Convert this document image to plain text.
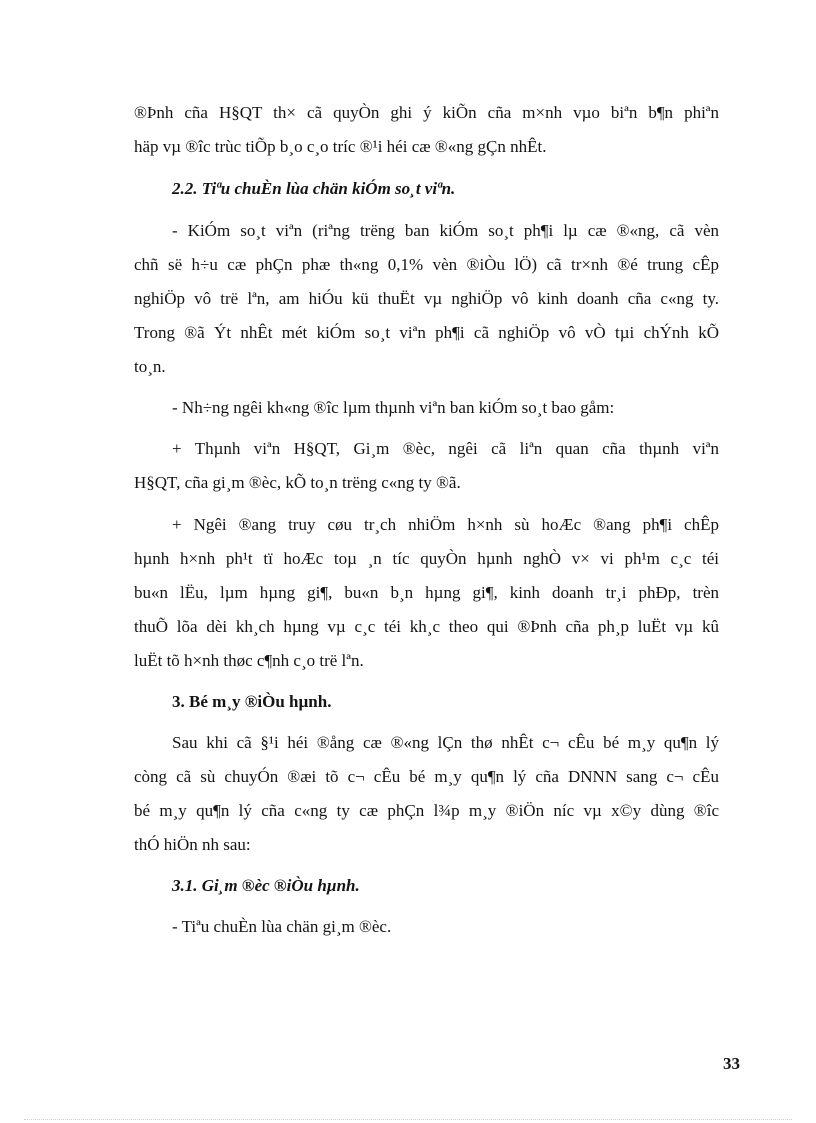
®Þnh cña H§QT th× cã quyÒn ghi ý kiÕn cña m×nh vµo biªn b¶n phiªn
häp vµ ®îc trùc tiÕp b¸o c¸o tríc ®¹i héi cæ ®«ng gÇn nhÊt.
2.2. Tiªu chuÈn lùa chän kiÓm so¸t viªn.
- KiÓm so¸t viªn (riªng trëng ban kiÓm so¸t ph¶i lµ cæ ®«ng, cã vèn
chñ së h÷u cæ phÇn phæ th«ng 0,1% vèn ®iÒu lÖ) cã tr×nh ®é trung cÊp
nghiÖp vô trë lªn, am hiÓu kü thuËt vµ nghiÖp vô kinh doanh cña c«ng ty.
Trong ®ã Ýt nhÊt mét kiÓm so¸t viªn ph¶i cã nghiÖp vô vÒ tµi chÝnh kÕ
to¸n.
- Nh÷ng ngêi kh«ng ®îc lµm thµnh viªn ban kiÓm so¸t bao gåm:
+ Thµnh viªn H§QT, Gi¸m ®èc, ngêi cã liªn quan cña thµnh viªn
H§QT, cña gi¸m ®èc, kÕ to¸n trëng c«ng ty ®ã.
+ Ngêi ®ang truy cøu tr¸ch nhiÖm h×nh sù hoÆc ®ang ph¶i chÊp
hµnh h×nh ph¹t tï hoÆc toµ ¸n tíc quyÒn hµnh nghÒ v× vi ph¹m c¸c téi
bu«n lËu, lµm hµng gi¶, bu«n b¸n hµng gi¶, kinh doanh tr¸i phÐp, trèn
thuÕ lõa dèi kh¸ch hµng vµ c¸c téi kh¸c theo qui ®Þnh cña ph¸p luËt vµ kû
luËt tõ h×nh thøc c¶nh c¸o trë lªn.
3. Bé m¸y ®iÒu hµnh.
Sau khi cã §¹i héi ®ång cæ ®«ng lÇn thø nhÊt c¬ cÊu bé m¸y qu¶n lý
còng cã sù chuyÓn ®æi tõ c¬ cÊu bé m¸y qu¶n lý cña DNNN sang c¬ cÊu
bé m¸y qu¶n lý cña c«ng ty cæ phÇn l¾p m¸y ®iÖn níc vµ x©y dùng ®îc
thÓ hiÖn nh sau:
3.1. Gi¸m ®èc ®iÒu hµnh.
- Tiªu chuÈn lùa chän gi¸m ®èc.
33
